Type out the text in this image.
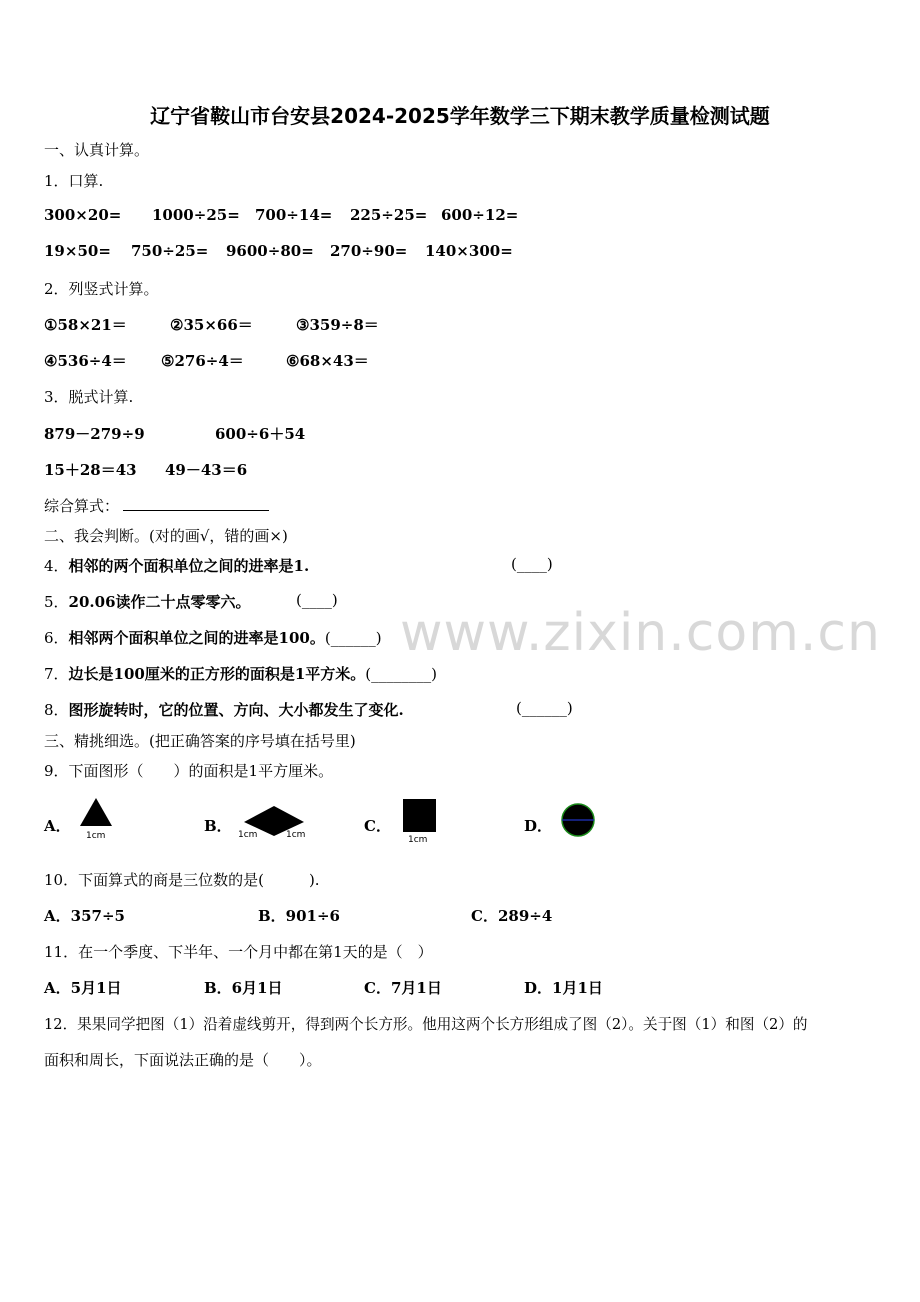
辽宁省鞍山市台安县2024-2025学年数学三下期末教学质量检测试题
www.zixin.com.cn
一、认真计算。
1．口算.
300×20= 1000÷25= 700÷14= 225÷25= 600÷12=
19×50= 750÷25= 9600÷80= 270÷90= 140×300=
2．列竖式计算。
①58×21＝	②35×66＝	③359÷8＝
④536÷4＝ ⑤276÷4＝	⑥68×43＝
3．脱式计算.
879－279÷9	600÷6＋54
15＋28＝43 49－43＝6
综合算式：
二、我会判断。(对的画√，错的画×)
4．相邻的两个面积单位之间的进率是1.	(____)
5．20.06读作二十点零零六。	(____)
6．相邻两个面积单位之间的进率是100。(______)
7．边长是100厘米的正方形的面积是1平方米。(________)
8．图形旋转时，它的位置、方向、大小都发生了变化.	(______)
三、精挑细选。(把正确答案的序号填在括号里)
9．下面图形（　　）的面积是1平方厘米。
A．
1cm
B． 1cm	1cm	C．
1cm
D．
10．下面算式的商是三位数的是(　　　).
A．357÷5	B．901÷6	C．289÷4
11．在一个季度、下半年、一个月中都在第1天的是（　）
A．5月1日	B．6月1日	C．7月1日	D．1月1日
12．果果同学把图（1）沿着虚线剪开，得到两个长方形。他用这两个长方形组成了图（2）。关于图（1）和图（2）的
面积和周长，下面说法正确的是（　　）。
